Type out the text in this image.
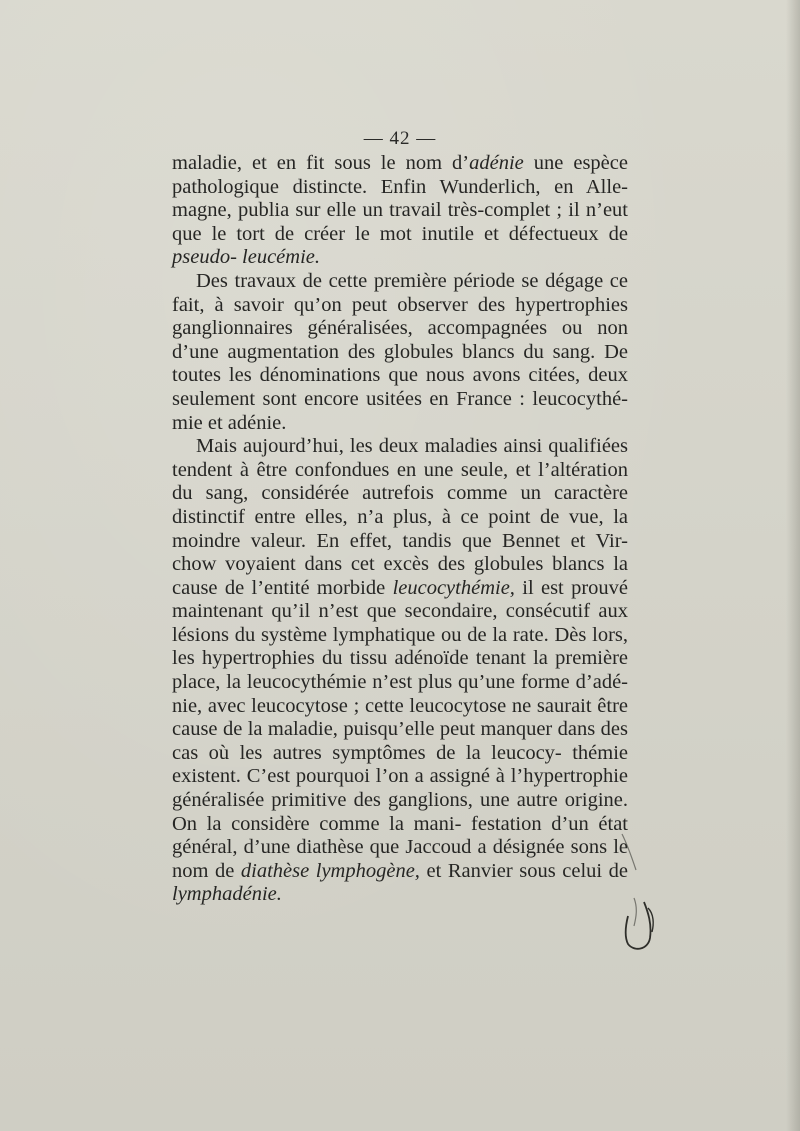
— 42 —

maladie, et en fit sous le nom d’adénie une espèce pathologique distincte. Enfin Wunderlich, en Alle- magne, publia sur elle un travail très-complet ; il n’eut que le tort de créer le mot inutile et défectueux de pseudo- leucémie.

Des travaux de cette première période se dégage ce fait, à savoir qu’on peut observer des hypertrophies ganglionnaires généralisées, accompagnées ou non d’une augmentation des globules blancs du sang. De toutes les dénominations que nous avons citées, deux seulement sont encore usitées en France : leucocythé- mie et adénie.

Mais aujourd’hui, les deux maladies ainsi qualifiées tendent à être confondues en une seule, et l’altération du sang, considérée autrefois comme un caractère distinctif entre elles, n’a plus, à ce point de vue, la moindre valeur. En effet, tandis que Bennet et Vir- chow voyaient dans cet excès des globules blancs la cause de l’entité morbide leucocythémie, il est prouvé maintenant qu’il n’est que secondaire, consécutif aux lésions du système lymphatique ou de la rate. Dès lors, les hypertrophies du tissu adénoïde tenant la première place, la leucocythémie n’est plus qu’une forme d’adé- nie, avec leucocytose ; cette leucocytose ne saurait être cause de la maladie, puisqu’elle peut manquer dans des cas où les autres symptômes de la leucocy- thémie existent. C’est pourquoi l’on a assigné à l’hypertrophie généralisée primitive des ganglions, une autre origine. On la considère comme la mani- festation d’un état général, d’une diathèse que Jaccoud a désignée sons le nom de diathèse lymphogène, et Ranvier sous celui de lymphadénie.
